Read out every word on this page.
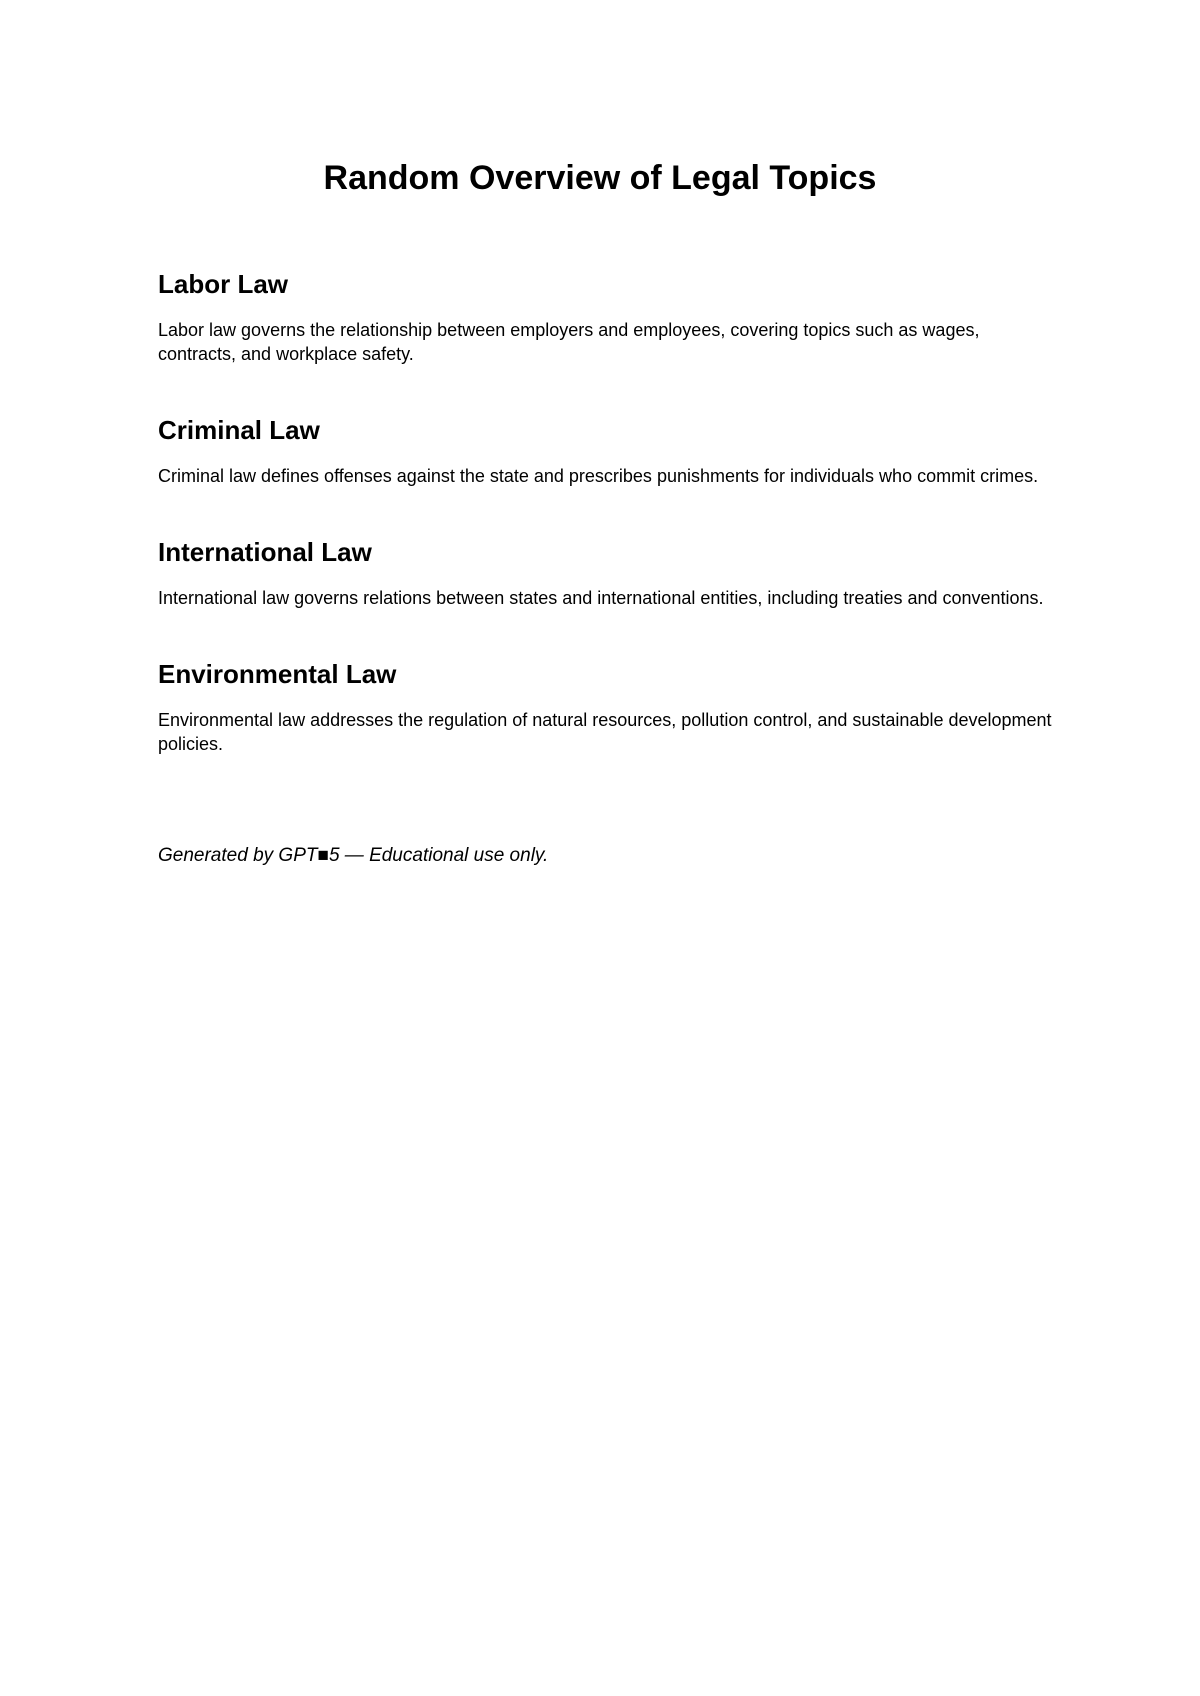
Random Overview of Legal Topics
Labor Law

Labor law governs the relationship between employers and employees, covering topics such as wages, contracts, and workplace safety.

Criminal Law

Criminal law defines offenses against the state and prescribes punishments for individuals who commit crimes.

International Law

International law governs relations between states and international entities, including treaties and conventions.

Environmental Law

Environmental law addresses the regulation of natural resources, pollution control, and sustainable development policies.

Generated by GPT■5 — Educational use only.
